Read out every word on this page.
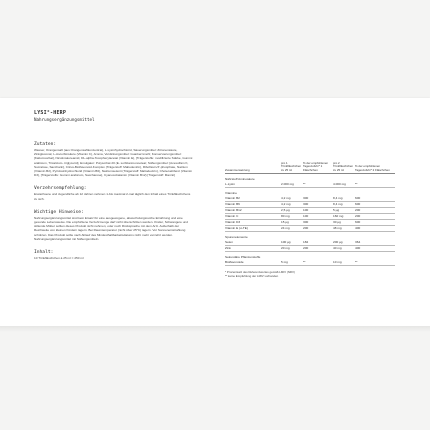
LYSI°-HERP
Nahrungsergänzungsmittel
Zutaten:
Wasser, Orangensaft (aus Orangensaftkonzentrat), L-Lysinhydrochlorid, Säuerungsmittel: Zitronensäure, Zinkgluconat; L-Ascorbinsäure (Vitamin C), Aroma, Verdickungsmittel: Guarkernmehl; Konservierungsmittel: [Kaliumsorbat], Nicotinsäureamid, DL-alpha-Tocopherylacetat (Vitamin E), [Trägerstoffe: modifizierte Stärke, Gummi arabicum, Tricalcium- triglycerid], Emulgator: Polysorbat 20 (E- sorbitanmonooleat; Süßungsmittel: [Acesulfam K, Sucralose, Saccharin], Citrus-Bioflavonoid-Komplex (Trägerstoff: Maltodextrin), Riboflavin-5'-phosphate, Natrium (Vitamin B2), Pyridoxinhydrochlorid (Vitamin B6), Natriumselenit (Trägerstoff: Maltodextrin), Cholecalciferol (Vitamin D3), [Trägerstoffe: Gummi arabicum, Saccharose], Cyanocobalamin (Vitamin B12) [Trägerstoff: Mannit]
Verzehrsempfehlung:
Erwachsene und Jugendliche ab 12 Jahren nehmen 1-bis maximal 2-mal täglich den Inhalt eines Trinkfläschchens zu sich.
Wichtige Hinweise:
Nahrungsergänzungsmittel sind kein Ersatz für eine ausgewogene, abwechslungsreiche Ernährung und eine gesunde Lebensweise. Die empfohlene Verzehrmenge darf nicht überschritten werden. Kinder, Schwangere und stillende Mütter sollten dieses Produkt nicht nehmen, oder noch Rücksprache mit dem Arzt. Außerhalb der Reichweite von kleinen Kindern lagern. Bei Raumtemperatur (nicht über 25°C) lagern. Vor Sonneneinstrahlung schützen. Das Produkt sollte nach Ablauf des Mindesthaltbarkeitsdatums nicht mehr verzehrt werden. Nahrungsergänzungsmittel mit Süßungsmitteln.
Inhalt:
10 Trinkfläschchen à 25 ml = 250 ml
Zusammensetzung	pro 1 Trinkfläschchen zu 25 ml	% der empfohlenen Tageszufuhr* 1 Fläschchen	pro 2 Trinkfläschchen zu 25 ml	% der empfohlenen Tageszufuhr* 2 Fläschchen
Nährstoff Aminosäure				
L-Lysin	2.000 mg	**	4.000 mg	**
Vitamine				
Vitamin B2	4,2 mg	300	8,4 mg	600
Vitamin B6	4,2 mg	300	8,4 mg	600
Vitamin B12	2,5 µg	100	5 µg	200
Vitamin C	80 mg	100	160 mg	200
Vitamin D3	15 µg	300	30 µg	600
Vitamin E (α-TE)	24 mg	200	48 mg	400
Spurenelemente				
Selen	100 µg	182	200 µg	364
Zink	20 mg	200	40 mg	400
Sekundäre Pflanzenstoffe				
Bioflavonoide	5 mg	**	10 mg	**
* Prozentsatz des Referenzwertes gemäß LMIV (NRV)
** keine Empfehlung der LMIV vorhanden
